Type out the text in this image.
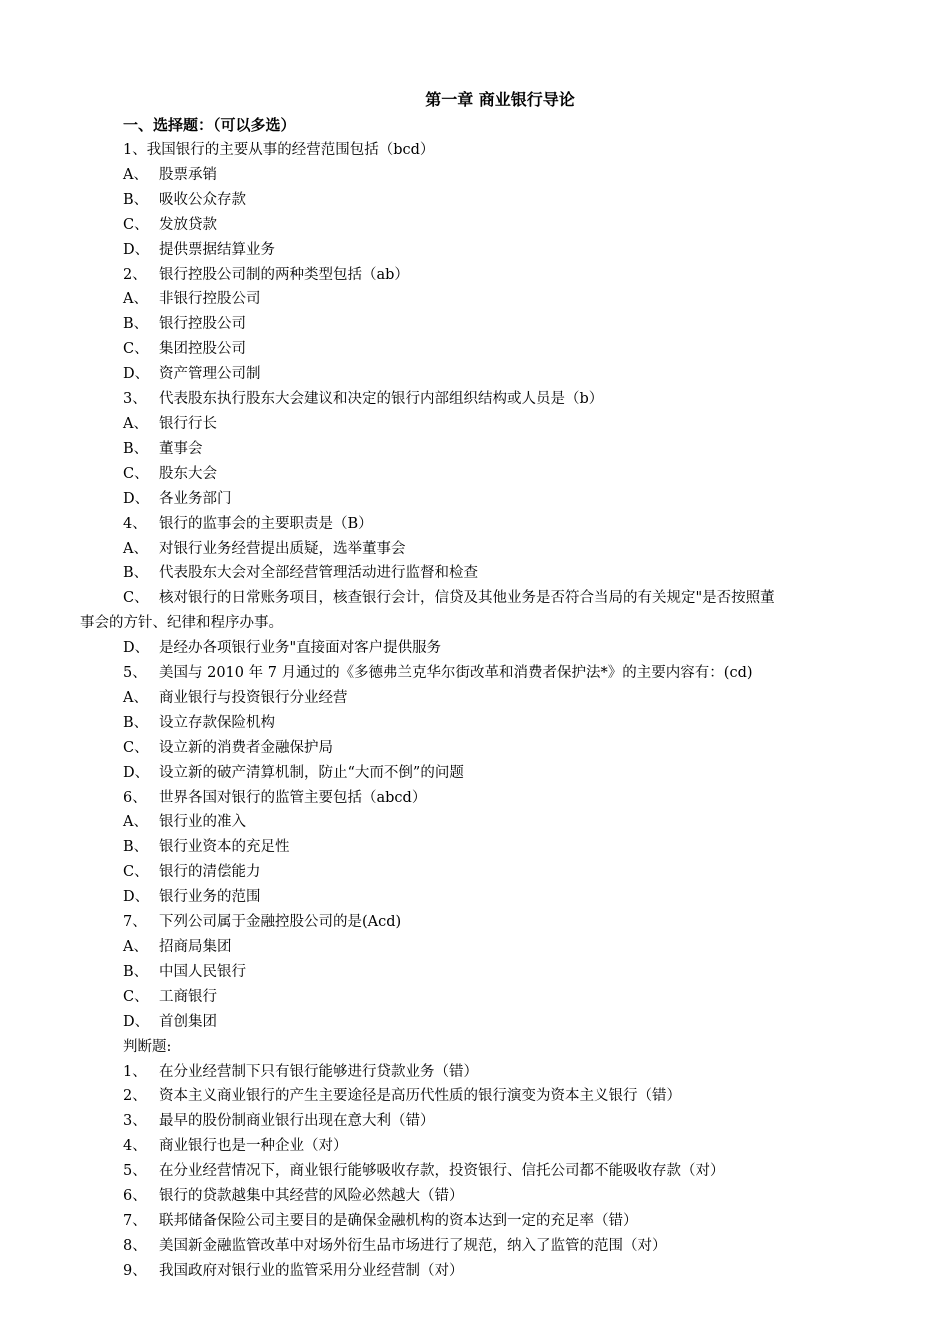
第一章 商业银行导论
一、选择题：（可以多选）
1、我国银行的主要从事的经营范围包括（bcd）
A、 股票承销
B、 吸收公众存款
C、 发放贷款
D、 提供票据结算业务
2、 银行控股公司制的两种类型包括（ab）
A、 非银行控股公司
B、 银行控股公司
C、 集团控股公司
D、 资产管理公司制
3、 代表股东执行股东大会建议和决定的银行内部组织结构或人员是（b）
A、 银行行长
B、 董事会
C、 股东大会
D、 各业务部门
4、 银行的监事会的主要职责是（B）
A、 对银行业务经营提出质疑，选举董事会
B、 代表股东大会对全部经营管理活动进行监督和检查
C、 核对银行的日常账务项目，核查银行会计，信贷及其他业务是否符合当局的有关规定"是否按照董
事会的方针、纪律和程序办事。
D、 是经办各项银行业务"直接面对客户提供服务
5、 美国与 2010 年 7 月通过的《多德弗兰克华尔街改革和消费者保护法*》的主要内容有：(cd)
A、 商业银行与投资银行分业经营
B、 设立存款保险机构
C、 设立新的消费者金融保护局
D、 设立新的破产清算机制，防止“大而不倒”的问题
6、 世界各国对银行的监管主要包括（abcd）
A、 银行业的准入
B、 银行业资本的充足性
C、 银行的清偿能力
D、 银行业务的范围
7、 下列公司属于金融控股公司的是(Acd)
A、 招商局集团
B、 中国人民银行
C、 工商银行
D、 首创集团
判断题:
1、 在分业经营制下只有银行能够进行贷款业务（错）
2、 资本主义商业银行的产生主要途径是高历代性质的银行演变为资本主义银行（错）
3、 最早的股份制商业银行出现在意大利（错）
4、 商业银行也是一种企业（对）
5、 在分业经营情况下，商业银行能够吸收存款，投资银行、信托公司都不能吸收存款（对）
6、 银行的贷款越集中其经营的风险必然越大（错）
7、 联邦储备保险公司主要目的是确保金融机构的资本达到一定的充足率（错）
8、 美国新金融监管改革中对场外衍生品市场进行了规范，纳入了监管的范围（对）
9、 我国政府对银行业的监管采用分业经营制（对）
